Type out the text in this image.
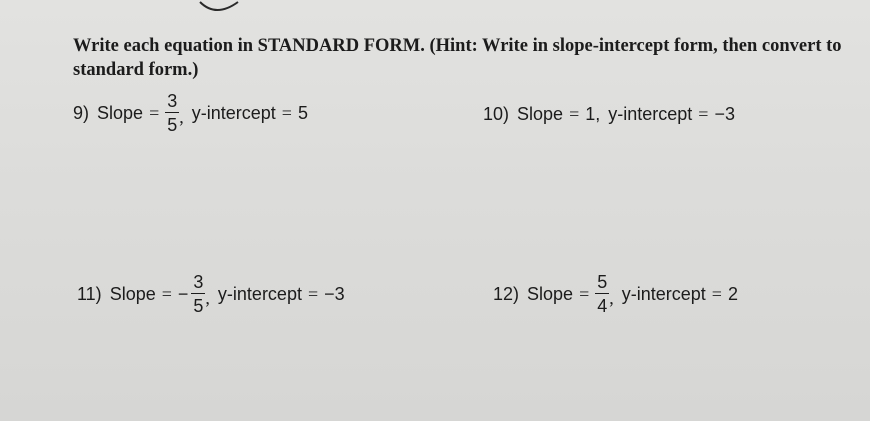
Write each equation in STANDARD FORM. (Hint: Write in slope-intercept form, then convert to standard form.)

9) Slope = $\frac{3}{5}$ , y-intercept = 5	10) Slope = 1, y-intercept = −3
11) Slope = − $\frac{3}{5}$ , y-intercept = −3	12) Slope = $\frac{5}{4}$ , y-intercept = 2
